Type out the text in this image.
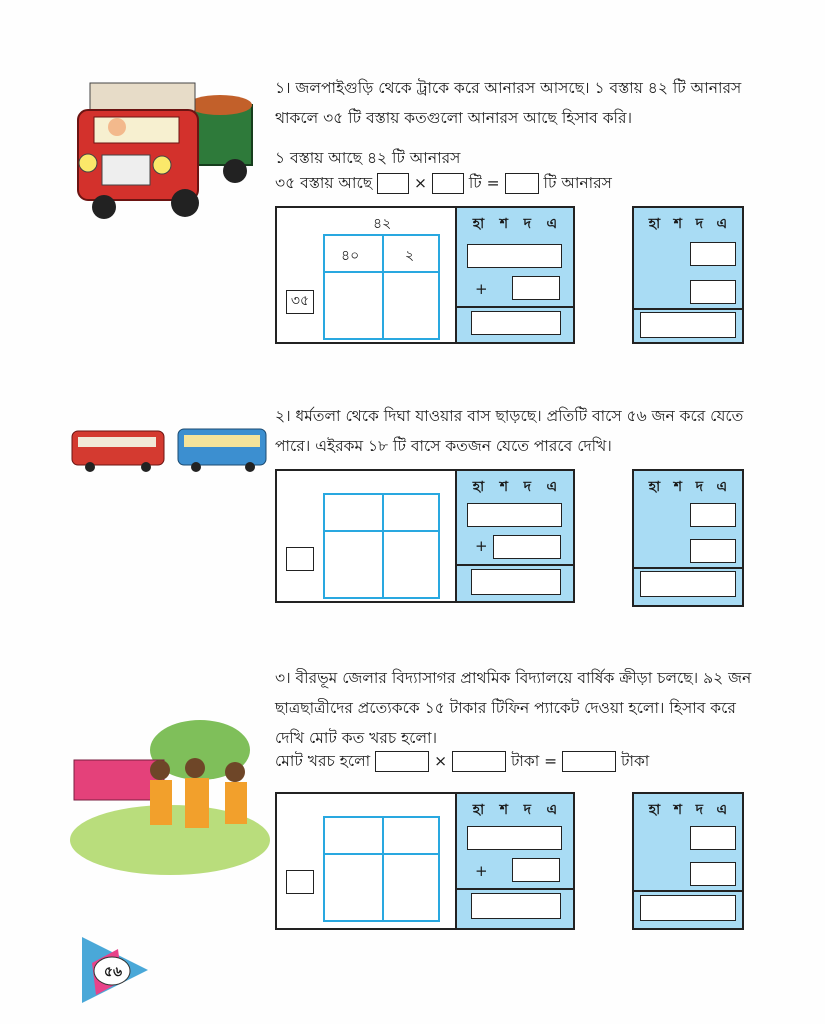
১। জলপাইগুড়ি থেকে ট্রাকে করে আনারস আসছে। ১ বস্তায় ৪২ টি আনারস
থাকলে ৩৫ টি বস্তায় কতগুলো আনারস আছে হিসাব করি।
১ বস্তায় আছে ৪২ টি আনারস
৩৫ বস্তায় আছে	×	টি =	টি আনারস
৪২
৪০	২
৩৫
হা শ দ এ
+
হা শ দ এ
২। ধর্মতলা থেকে দিঘা যাওয়ার বাস ছাড়ছে। প্রতিটি বাসে ৫৬ জন করে যেতে
পারে। এইরকম ১৮ টি বাসে কতজন যেতে পারবে দেখি।
হা শ দ এ
+
হা শ দ এ
৩। বীরভূম জেলার বিদ্যাসাগর প্রাথমিক বিদ্যালয়ে বার্ষিক ক্রীড়া চলছে। ৯২ জন
ছাত্রছাত্রীদের প্রত্যেককে ১৫ টাকার টিফিন প্যাকেট দেওয়া হলো। হিসাব করে
দেখি মোট কত খরচ হলো।
মোট খরচ হলো	×	টাকা =	টাকা
হা শ দ এ
+
হা শ দ এ
৫৬
